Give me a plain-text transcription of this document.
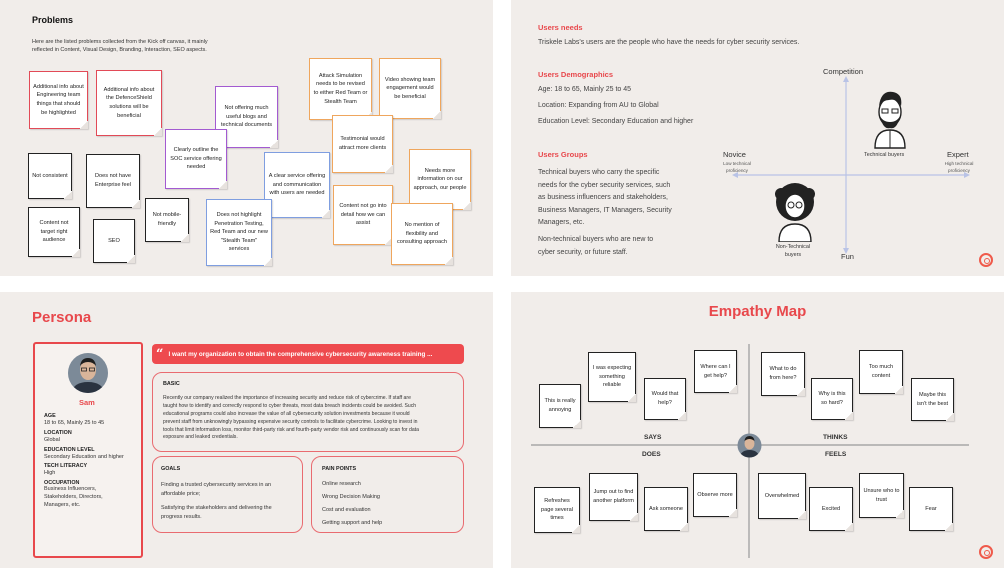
Problems
Here are the listed problems collected from the Kick off canvas, it mainly
reflected in Content, Visual Design, Branding, Interaction, SEO aspects.
Additional info about Engineering team things that should be highlighted
Additional info about the DefenceShield solutions will be beneficial
Not offering much useful blogs and technical documents
Attack Simulation needs to be revised to either Red Team or Stealth Team
Video showing team engagement would be beneficial
Clearly outline the SOC service offering needed
Testimonial would attract more clients
Not consistent	Does not have Enterprise feel
A clear service offering and communication with users are needed
Needs more information on our approach, our people
Content not target right audience	SEO
Not mobile-friendly
Does not highlight Penetration Testing, Red Team and our new "Stealth Team" services
Content not go into detail how we can assist	No mention of flexibility and consulting approach
Users needs
Triskele Labs's users are the people who have the needs for cyber security services.
Users Demographics
Age: 18 to 65, Mainly 25 to 45
Location: Expanding from AU to Global
Education Level: Secondary Education and higher
Users Groups
Technical buyers who carry the specific
needs for the cyber security services, such
as business influencers and stakeholders,
Business Managers, IT Managers, Security
Managers, etc.
Non-technical buyers who are new to
cyber security, or future staff.
Competition
Fun
Novice
Low technical
proficiency
Expert
High technical
proficiency
Technical buyers
Non-Technical
buyers
Persona
Sam
AGE
18 to 65, Mainly 25 to 45
LOCATION
Global
EDUCATION LEVEL
Secondary Education and higher
TECH LITERACY
High
OCCUPATION
Business Influencers,
Stakeholders, Directors,
Managers, etc.
“ I want my organization to obtain the comprehensive cybersecurity awareness training ...
BASIC
Recently our company realized the importance of increasing security and reduce risk of cybercrime. If staff are
taught how to identify and correctly respond to cyber threats, most data breach incidents could be avoided. Such
educational programs could also increase the value of all cybersecurity solution investments because it would
prevent staff from unknowingly bypassing expensive security controls to facilitate cybercrime. Looking to invest in
tools that limit information loss, monitor third-party risk and fourth-party vendor risk and continuously scan for data
exposure and leaked credentials.
GOALS
Finding a trusted cybersecurity services in an
affordable price;
Satisfying the stakeholders and delivering the
progress results.
PAIN POINTS
Online research
Wrong Decision Making
Cost and evaluation
Getting support and help
Empathy Map
SAYS	THINKS
DOES	FEELS
This is really annoying
I was expecting something reliable
Would that help?
Where can I get help?
What to do from here?
Why is this so hard?
Too much content
Maybe this isn't the best
Refreshes page several times
Jump out to find another platform
Ask someone
Observe more	Overwhelmed
Excited
Unsure who to trust
Fear
